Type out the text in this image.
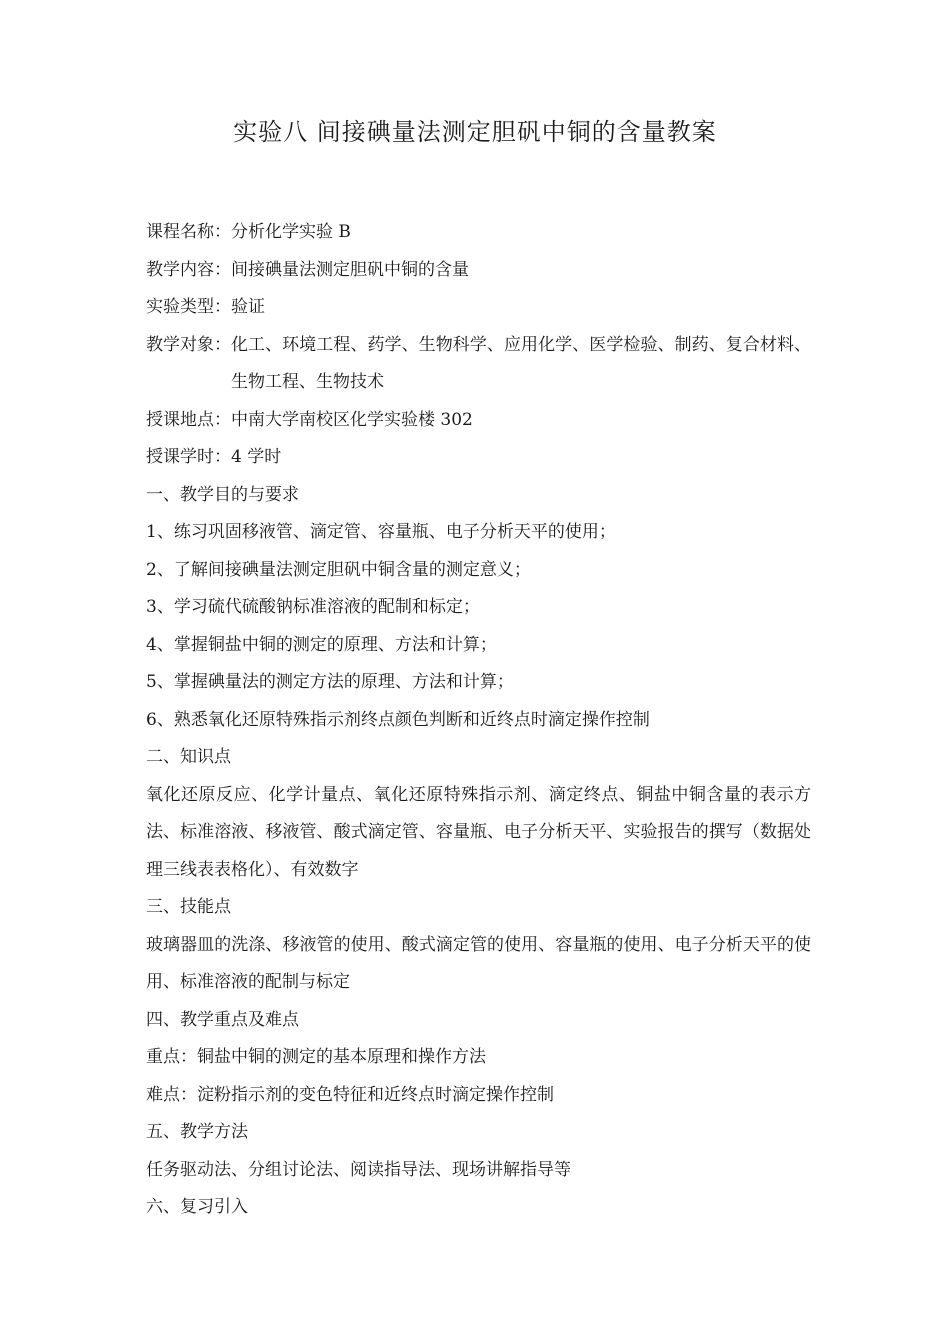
实验八 间接碘量法测定胆矾中铜的含量教案
课程名称：分析化学实验 B
教学内容：间接碘量法测定胆矾中铜的含量
实验类型：验证
教学对象： 化工、环境工程、药学、生物科学、应用化学、医学检验、制药、复合材料、生物工程、生物技术
授课地点：中南大学南校区化学实验楼 302
授课学时：4 学时
一、教学目的与要求
1、练习巩固移液管、滴定管、容量瓶、电子分析天平的使用；
2、了解间接碘量法测定胆矾中铜含量的测定意义；
3、学习硫代硫酸钠标准溶液的配制和标定；
4、掌握铜盐中铜的测定的原理、方法和计算；
5、掌握碘量法的测定方法的原理、方法和计算；
6、熟悉氧化还原特殊指示剂终点颜色判断和近终点时滴定操作控制
二、知识点
氧化还原反应、化学计量点、氧化还原特殊指示剂、滴定终点、铜盐中铜含量的表示方法、标准溶液、移液管、酸式滴定管、容量瓶、电子分析天平、实验报告的撰写（数据处理三线表表格化）、有效数字
三、技能点
玻璃器皿的洗涤、移液管的使用、酸式滴定管的使用、容量瓶的使用、电子分析天平的使用、标准溶液的配制与标定
四、教学重点及难点
重点：铜盐中铜的测定的基本原理和操作方法
难点：淀粉指示剂的变色特征和近终点时滴定操作控制
五、教学方法
任务驱动法、分组讨论法、阅读指导法、现场讲解指导等
六、复习引入
